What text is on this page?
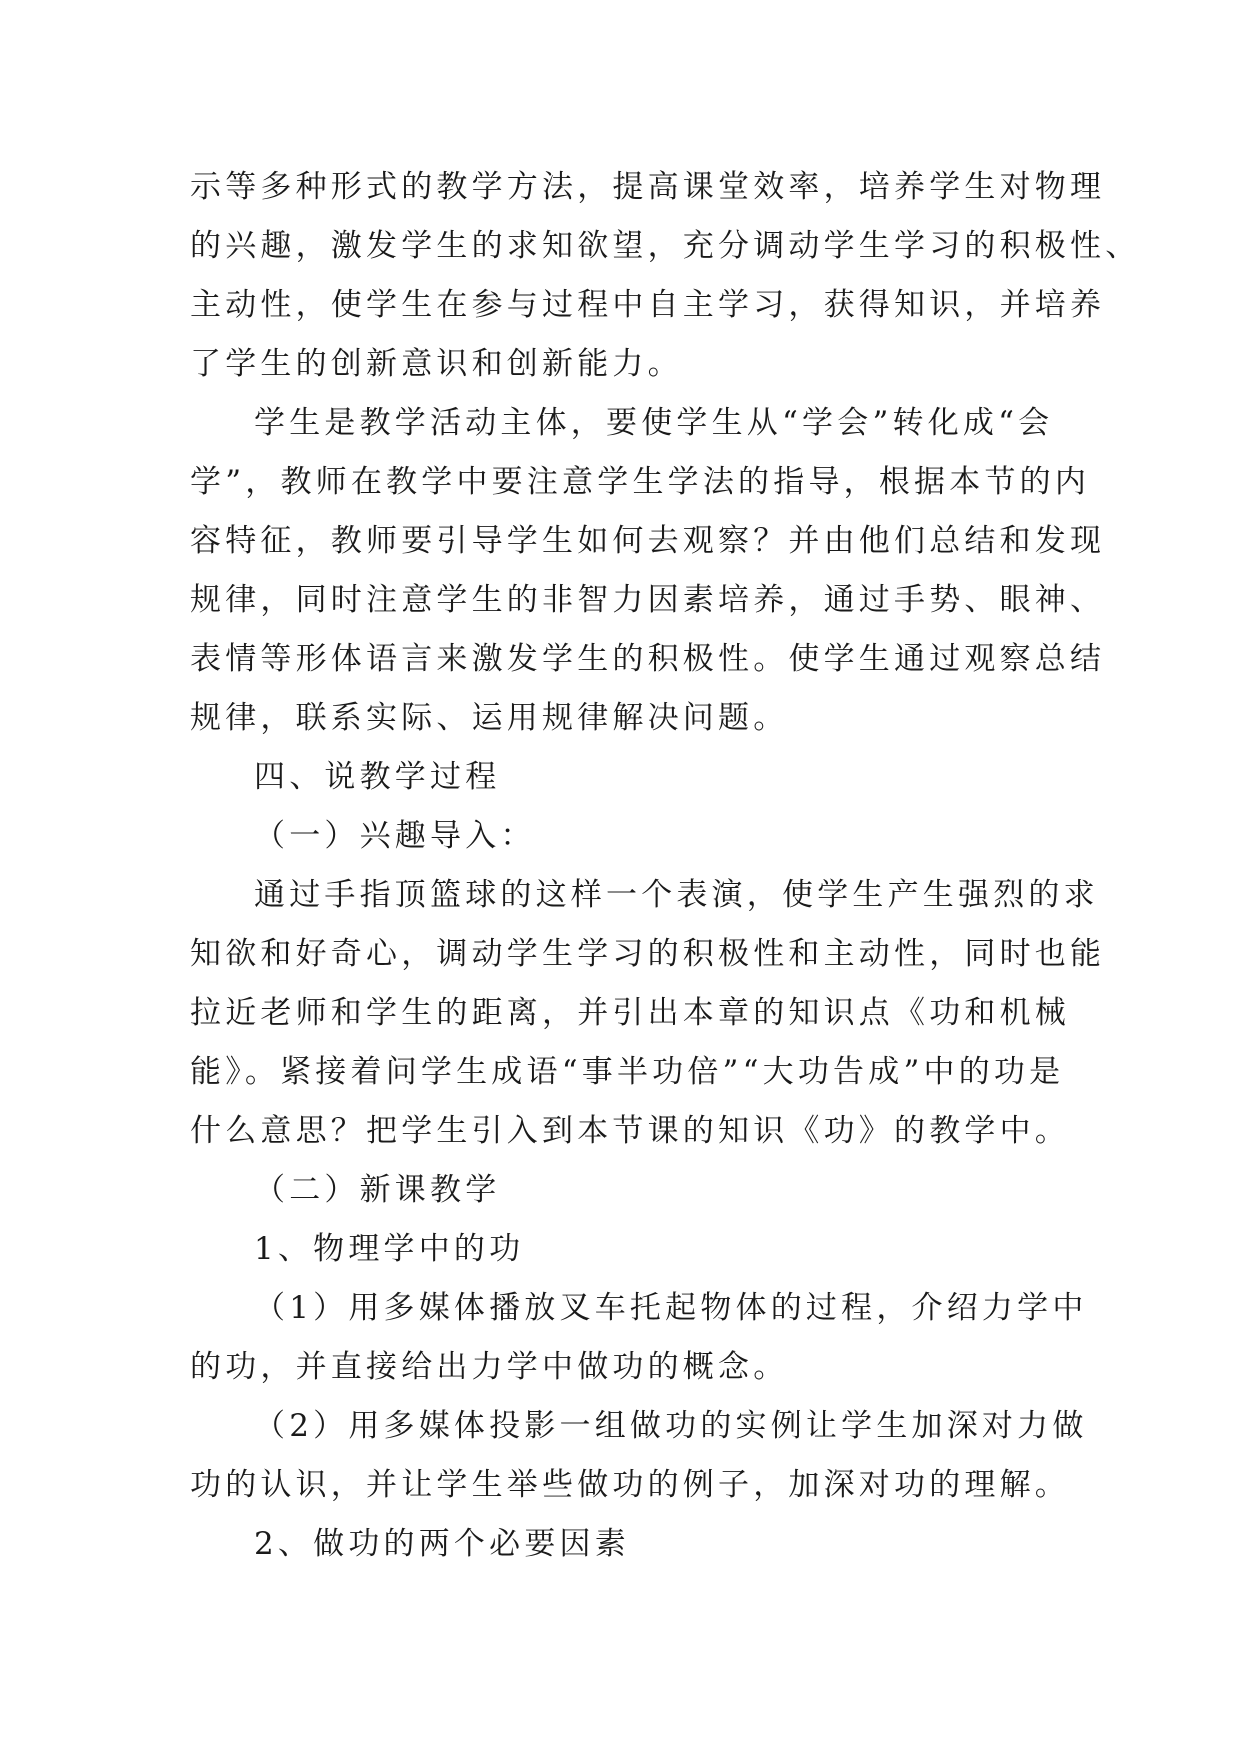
示等多种形式的教学方法，提高课堂效率，培养学生对物理
的兴趣，激发学生的求知欲望，充分调动学生学习的积极性、
主动性，使学生在参与过程中自主学习，获得知识，并培养
了学生的创新意识和创新能力。
学生是教学活动主体，要使学生从“学会”转化成“会
学”，教师在教学中要注意学生学法的指导，根据本节的内
容特征，教师要引导学生如何去观察？并由他们总结和发现
规律，同时注意学生的非智力因素培养，通过手势、眼神、
表情等形体语言来激发学生的积极性。使学生通过观察总结
规律，联系实际、运用规律解决问题。
四、说教学过程
（一）兴趣导入：
通过手指顶篮球的这样一个表演，使学生产生强烈的求
知欲和好奇心，调动学生学习的积极性和主动性，同时也能
拉近老师和学生的距离，并引出本章的知识点《功和机械
能》。紧接着问学生成语“事半功倍”“大功告成”中的功是
什么意思？把学生引入到本节课的知识《功》的教学中。
（二）新课教学
1、物理学中的功
（1）用多媒体播放叉车托起物体的过程，介绍力学中
的功，并直接给出力学中做功的概念。
（2）用多媒体投影一组做功的实例让学生加深对力做
功的认识，并让学生举些做功的例子，加深对功的理解。
2、做功的两个必要因素
